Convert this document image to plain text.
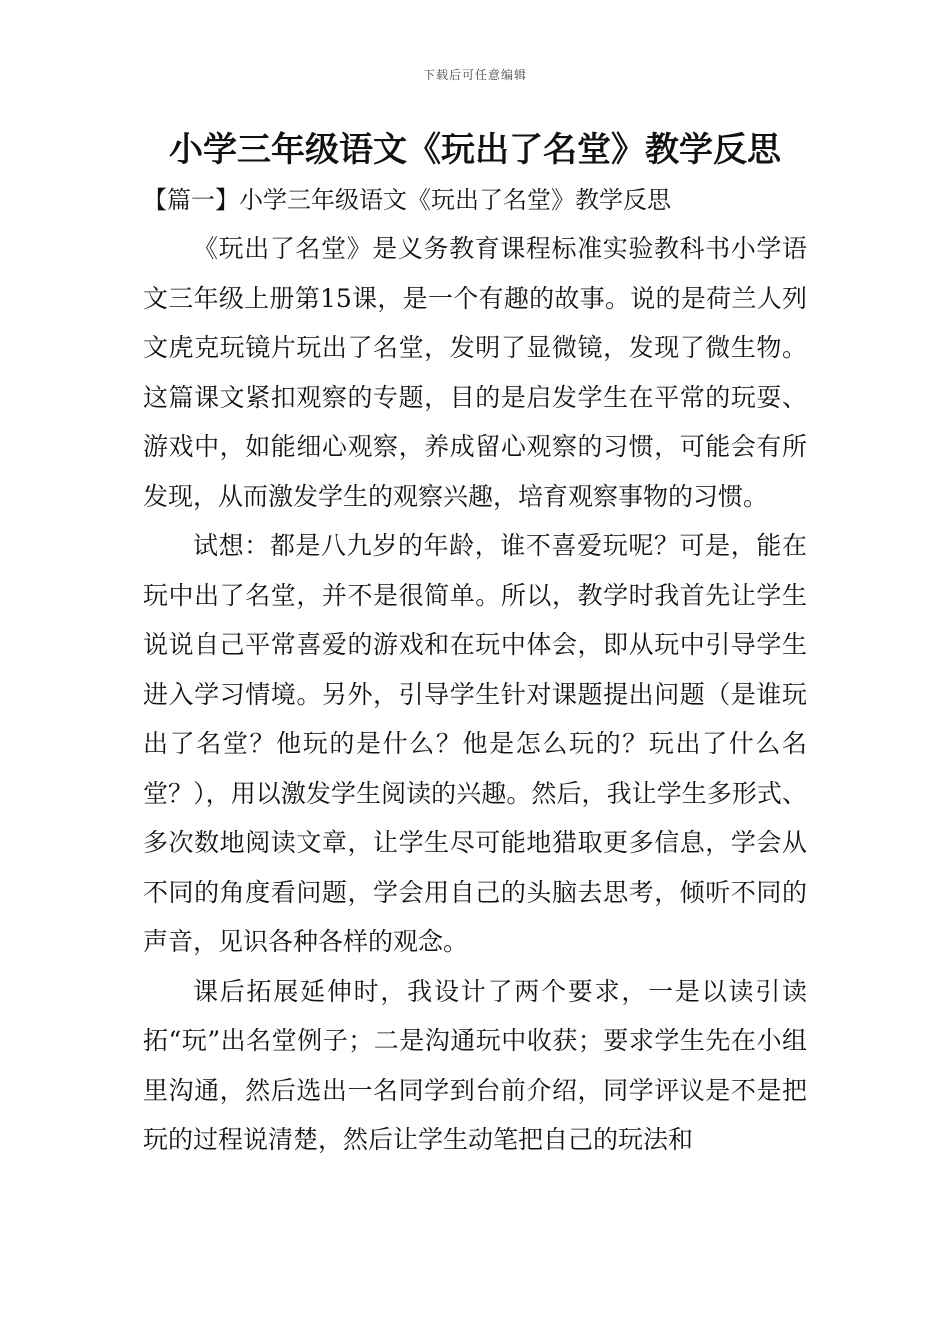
下载后可任意编辑
小学三年级语文《玩出了名堂》教学反思
【篇一】小学三年级语文《玩出了名堂》教学反思

《玩出了名堂》是义务教育课程标准实验教科书小学语文三年级上册第15课，是一个有趣的故事。说的是荷兰人列文虎克玩镜片玩出了名堂，发明了显微镜，发现了微生物。这篇课文紧扣观察的专题，目的是启发学生在平常的玩耍、游戏中，如能细心观察，养成留心观察的习惯，可能会有所发现，从而激发学生的观察兴趣，培育观察事物的习惯。

试想：都是八九岁的年龄，谁不喜爱玩呢？可是，能在玩中出了名堂，并不是很简单。所以，教学时我首先让学生说说自己平常喜爱的游戏和在玩中体会，即从玩中引导学生进入学习情境。另外，引导学生针对课题提出问题（是谁玩出了名堂？他玩的是什么？他是怎么玩的？玩出了什么名堂？），用以激发学生阅读的兴趣。然后，我让学生多形式、多次数地阅读文章，让学生尽可能地猎取更多信息，学会从不同的角度看问题，学会用自己的头脑去思考，倾听不同的声音，见识各种各样的观念。

课后拓展延伸时，我设计了两个要求，一是以读引读拓“玩”出名堂例子；二是沟通玩中收获；要求学生先在小组里沟通，然后选出一名同学到台前介绍，同学评议是不是把玩的过程说清楚，然后让学生动笔把自己的玩法和
